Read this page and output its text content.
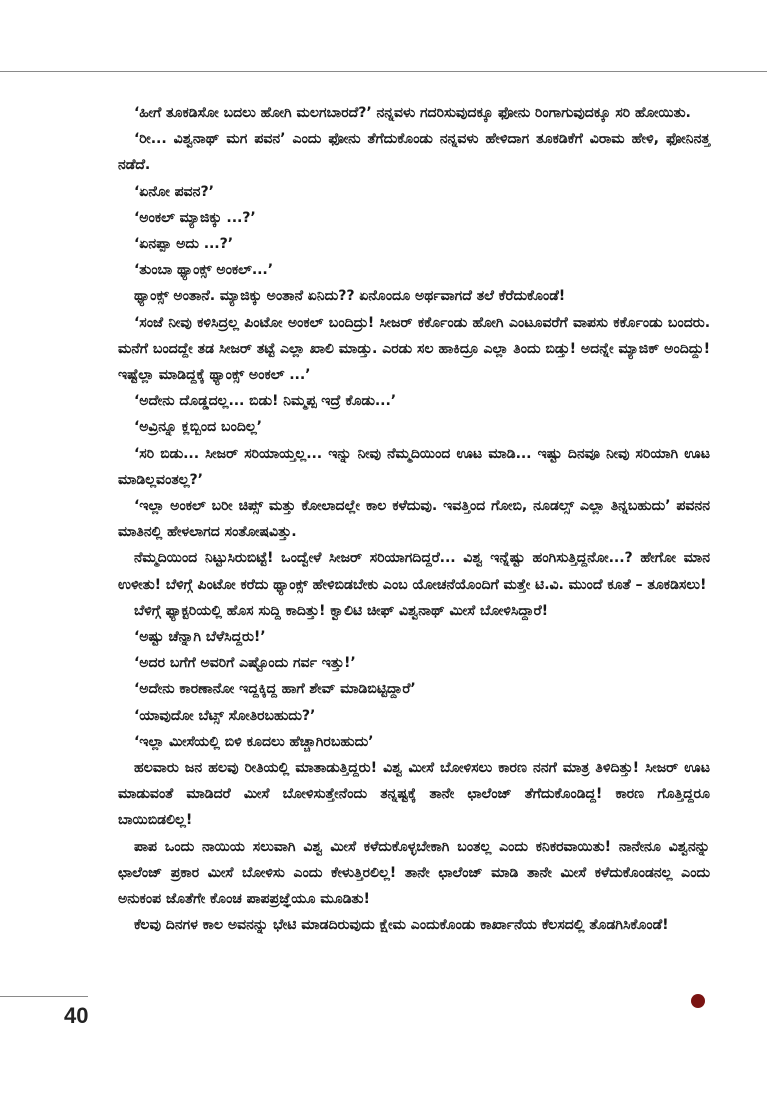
‘ಹೀಗೆ ತೂಕಡಿಸೋ ಬದಲು ಹೋಗಿ ಮಲಗಬಾರದೆ?’ ನನ್ನವಳು ಗದರಿಸುವುದಕ್ಕೂ ಫೋನು ರಿಂಗಾಗುವುದಕ್ಕೂ ಸರಿ ಹೋಯಿತು.

‘ರೀ... ವಿಶ್ವನಾಥ್ ಮಗ ಪವನ’ ಎಂದು ಫೋನು ತೆಗೆದುಕೊಂಡು ನನ್ನವಳು ಹೇಳಿದಾಗ ತೂಕಡಿಕೆಗೆ ವಿರಾಮ ಹೇಳಿ, ಫೋನಿನತ್ತ ನಡೆದೆ.

‘ಏನೋ ಪವನ?’

‘ಅಂಕಲ್ ಮ್ಯಾಜಿಕ್ಕು ...?’

‘ಏನಪ್ಪಾ ಅದು ...?’

‘ತುಂಬಾ ಥ್ಯಾಂಕ್ಸ್ ಅಂಕಲ್...’

ಥ್ಯಾಂಕ್ಸ್ ಅಂತಾನೆ. ಮ್ಯಾಜಿಕ್ಕು ಅಂತಾನೆ ಏನಿದು?? ಏನೊಂದೂ ಅರ್ಥವಾಗದೆ ತಲೆ ಕೆರೆದುಕೊಂಡೆ!

‘ಸಂಜೆ ನೀವು ಕಳಿಸಿದ್ರಲ್ಲ ಪಿಂಟೋ ಅಂಕಲ್ ಬಂದಿದ್ರು! ಸೀಜರ್ ಕರ್ಕೊಂಡು ಹೋಗಿ ಎಂಟೂವರೆಗೆ ವಾಪಸು ಕರ್ಕೊಂಡು ಬಂದರು. ಮನೆಗೆ ಬಂದದ್ದೇ ತಡ ಸೀಜರ್ ತಟ್ಟೆ ಎಲ್ಲಾ ಖಾಲಿ ಮಾಡ್ತು. ಎರಡು ಸಲ ಹಾಕಿದ್ರೂ ಎಲ್ಲಾ ತಿಂದು ಬಿಡ್ತು! ಅದನ್ನೇ ಮ್ಯಾಜಿಕ್ ಅಂದಿದ್ದು! ಇಷ್ಟೆಲ್ಲಾ ಮಾಡಿದ್ದಕ್ಕೆ ಥ್ಯಾಂಕ್ಸ್ ಅಂಕಲ್ ...’

‘ಅದೇನು ದೊಡ್ಡದಲ್ಲ... ಬಿಡು! ನಿಮ್ಮಪ್ಪ ಇದ್ರೆ ಕೊಡು...’

‘ಅವ್ರಿನ್ನೂ ಕ್ಲಬ್ಬಿಂದ ಬಂದಿಲ್ಲ’

‘ಸರಿ ಬಿಡು... ಸೀಜರ್ ಸರಿಯಾಯ್ತಲ್ಲ... ಇನ್ನು ನೀವು ನೆಮ್ಮದಿಯಿಂದ ಊಟ ಮಾಡಿ... ಇಷ್ಟು ದಿನವೂ ನೀವು ಸರಿಯಾಗಿ ಊಟ ಮಾಡಿಲ್ಲವಂತಲ್ಲ?’

‘ಇಲ್ಲಾ ಅಂಕಲ್ ಬರೀ ಚಿಪ್ಸ್ ಮತ್ತು ಕೋಲಾದಲ್ಲೇ ಕಾಲ ಕಳೆದುವು. ಇವತ್ತಿಂದ ಗೋಬಿ, ನೂಡಲ್ಸ್ ಎಲ್ಲಾ ತಿನ್ನಬಹುದು’ ಪವನನ ಮಾತಿನಲ್ಲಿ ಹೇಳಲಾಗದ ಸಂತೋಷವಿತ್ತು.

ನೆಮ್ಮದಿಯಿಂದ ನಿಟ್ಟುಸಿರುಬಿಟ್ಟೆ! ಒಂದ್ವೇಳೆ ಸೀಜರ್ ಸರಿಯಾಗದಿದ್ದರೆ... ವಿಶ್ವ ಇನ್ನೆಷ್ಟು ಹಂಗಿಸುತ್ತಿದ್ದನೋ...? ಹೇಗೋ ಮಾನ ಉಳೀತು! ಬೆಳಿಗ್ಗೆ ಪಿಂಟೋ ಕರೆದು ಥ್ಯಾಂಕ್ಸ್ ಹೇಳಿಬಿಡಬೇಕು ಎಂಬ ಯೋಚನೆಯೊಂದಿಗೆ ಮತ್ತೇ ಟಿ.ವಿ. ಮುಂದೆ ಕೂತೆ – ತೂಕಡಿಸಲು!

ಬೆಳಿಗ್ಗೆ ಫ್ಯಾಕ್ಟರಿಯಲ್ಲಿ ಹೊಸ ಸುದ್ದಿ ಕಾದಿತ್ತು! ಕ್ವಾಲಿಟಿ ಚೀಫ್ ವಿಶ್ವನಾಥ್ ಮೀಸೆ ಬೋಳಿಸಿದ್ದಾರೆ!

‘ಅಷ್ಟು ಚೆನ್ನಾಗಿ ಬೆಳೆಸಿದ್ದರು!’

‘ಅದರ ಬಗೆಗೆ ಅವರಿಗೆ ಎಷ್ಟೊಂದು ಗರ್ವ ಇತ್ತು!’

‘ಅದೇನು ಕಾರಣಾನೋ ಇದ್ದಕ್ಕಿದ್ದ ಹಾಗೆ ಶೇವ್ ಮಾಡಿಬಿಟ್ಟಿದ್ದಾರೆ’

‘ಯಾವುದೋ ಬೆಟ್ಸ್ ಸೋತಿರಬಹುದು?’

‘ಇಲ್ಲಾ ಮೀಸೆಯಲ್ಲಿ ಬಿಳಿ ಕೂದಲು ಹೆಚ್ಚಾಗಿರಬಹುದು’

ಹಲವಾರು ಜನ ಹಲವು ರೀತಿಯಲ್ಲಿ ಮಾತಾಡುತ್ತಿದ್ದರು! ವಿಶ್ವ ಮೀಸೆ ಬೋಳಿಸಲು ಕಾರಣ ನನಗೆ ಮಾತ್ರ ತಿಳಿದಿತ್ತು! ಸೀಜರ್ ಊಟ ಮಾಡುವಂತೆ ಮಾಡಿದರೆ ಮೀಸೆ ಬೋಳಿಸುತ್ತೇನೆಂದು ತನ್ನಷ್ಟಕ್ಕೆ ತಾನೇ ಛಾಲೆಂಜ್ ತೆಗೆದುಕೊಂಡಿದ್ದ! ಕಾರಣ ಗೊತ್ತಿದ್ದರೂ ಬಾಯಿಬಿಡಲಿಲ್ಲ!

ಪಾಪ ಒಂದು ನಾಯಿಯ ಸಲುವಾಗಿ ವಿಶ್ವ ಮೀಸೆ ಕಳೆದುಕೊಳ್ಳಬೇಕಾಗಿ ಬಂತಲ್ಲ ಎಂದು ಕನಿಕರವಾಯಿತು! ನಾನೇನೂ ವಿಶ್ವನನ್ನು ಛಾಲೆಂಜ್ ಪ್ರಕಾರ ಮೀಸೆ ಬೋಳಿಸು ಎಂದು ಕೇಳುತ್ತಿರಲಿಲ್ಲ! ತಾನೇ ಛಾಲೆಂಜ್ ಮಾಡಿ ತಾನೇ ಮೀಸೆ ಕಳೆದುಕೊಂಡನಲ್ಲ ಎಂದು ಅನುಕಂಪ ಜೊತೆಗೇ ಕೊಂಚ ಪಾಪಪ್ರಜ್ಞೆಯೂ ಮೂಡಿತು!

ಕೆಲವು ದಿನಗಳ ಕಾಲ ಅವನನ್ನು ಭೇಟಿ ಮಾಡದಿರುವುದು ಕ್ಷೇಮ ಎಂದುಕೊಂಡು ಕಾರ್ಖಾನೆಯ ಕೆಲಸದಲ್ಲಿ ತೊಡಗಿಸಿಕೊಂಡೆ!

40
